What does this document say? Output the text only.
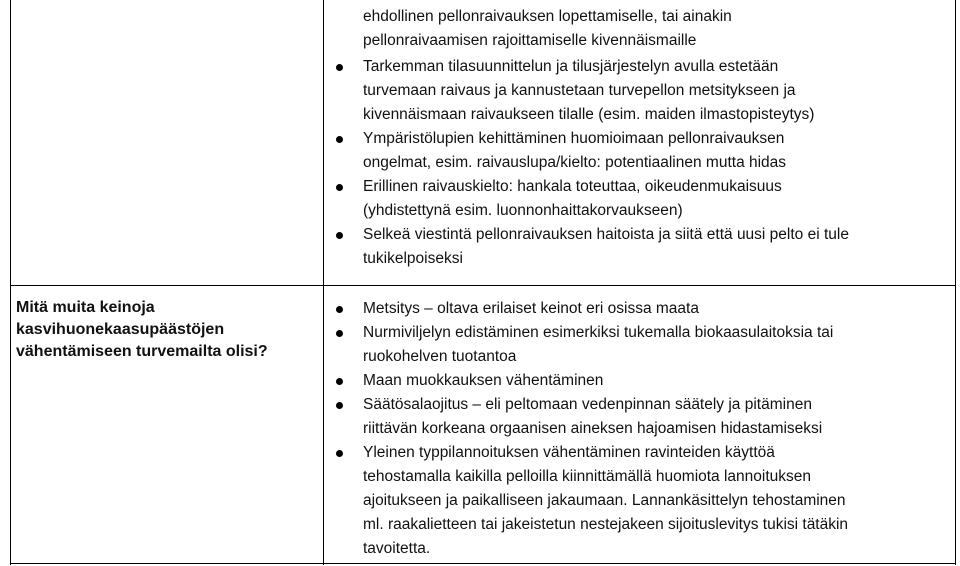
Mitä muita keinoja
kasvihuonekaasupäästöjen
vähentämiseen turvemailta olisi?
ehdollinen pellonraivauksen lopettamiselle, tai ainakin
pellonraivaamisen rajoittamiselle kivennäismaille
Tarkemman tilasuunnittelun ja tilusjärjestelyn avulla estetään
turvemaan raivaus ja kannustetaan turvepellon metsitykseen ja
kivennäismaan raivaukseen tilalle (esim. maiden ilmastopisteytys)
Ympäristölupien kehittäminen huomioimaan pellonraivauksen
ongelmat, esim. raivauslupa/kielto: potentiaalinen mutta hidas
Erillinen raivauskielto: hankala toteuttaa, oikeudenmukaisuus
(yhdistettynä esim. luonnonhaittakorvaukseen)
Selkeä viestintä pellonraivauksen haitoista ja siitä että uusi pelto ei tule
tukikelpoiseksi
Metsitys – oltava erilaiset keinot eri osissa maata
Nurmiviljelyn edistäminen esimerkiksi tukemalla biokaasulaitoksia tai
ruokohelven tuotantoa
Maan muokkauksen vähentäminen
Säätösalaojitus – eli peltomaan vedenpinnan säätely ja pitäminen
riittävän korkeana orgaanisen aineksen hajoamisen hidastamiseksi
Yleinen typpilannoituksen vähentäminen ravinteiden käyttöä
tehostamalla kaikilla pelloilla kiinnittämällä huomiota lannoituksen
ajoitukseen ja paikalliseen jakaumaan. Lannankäsittelyn tehostaminen
ml. raakalietteen tai jakeistetun nestejakeen sijoituslevitys tukisi tätäkin
tavoitetta.
